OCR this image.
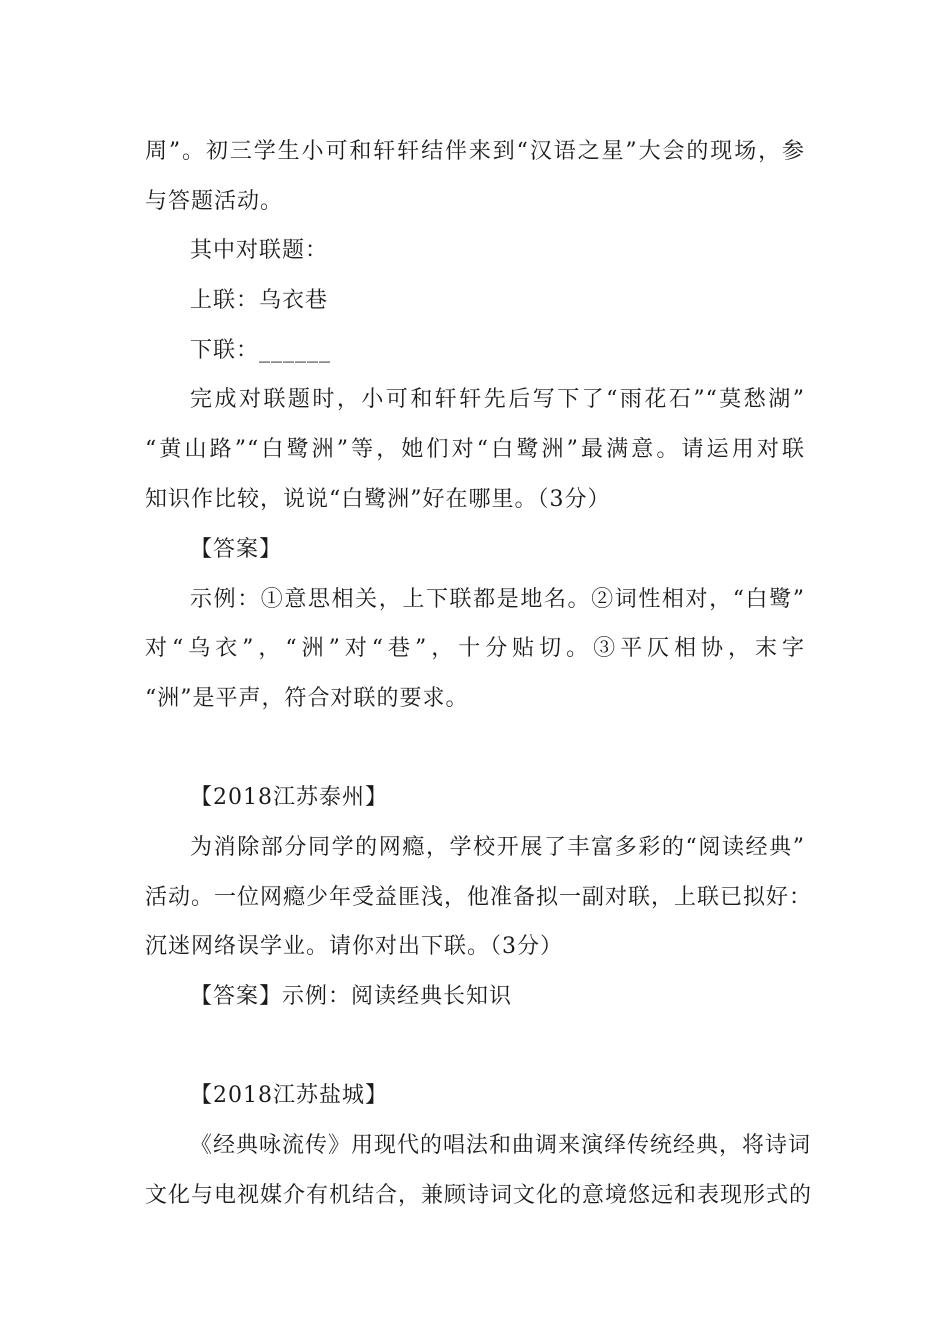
周”。初三学生小可和轩轩结伴来到“汉语之星”大会的现场，参
与答题活动。
其中对联题：
上联：乌衣巷
下联：______
完成对联题时，小可和轩轩先后写下了“雨花石”“莫愁湖”
“黄山路”“白鹭洲”等，她们对“白鹭洲”最满意。请运用对联
知识作比较，说说“白鹭洲”好在哪里。（3分）
【答案】
示例：①意思相关，上下联都是地名。②词性相对，“白鹭”
对“乌衣”，“洲”对“巷”，十分贴切。③平仄相协，末字
“洲”是平声，符合对联的要求。
【2018江苏泰州】
为消除部分同学的网瘾，学校开展了丰富多彩的“阅读经典”
活动。一位网瘾少年受益匪浅，他准备拟一副对联，上联已拟好：
沉迷网络误学业。请你对出下联。（3分）
【答案】示例：阅读经典长知识
【2018江苏盐城】
《经典咏流传》用现代的唱法和曲调来演绎传统经典，将诗词
文化与电视媒介有机结合，兼顾诗词文化的意境悠远和表现形式的
